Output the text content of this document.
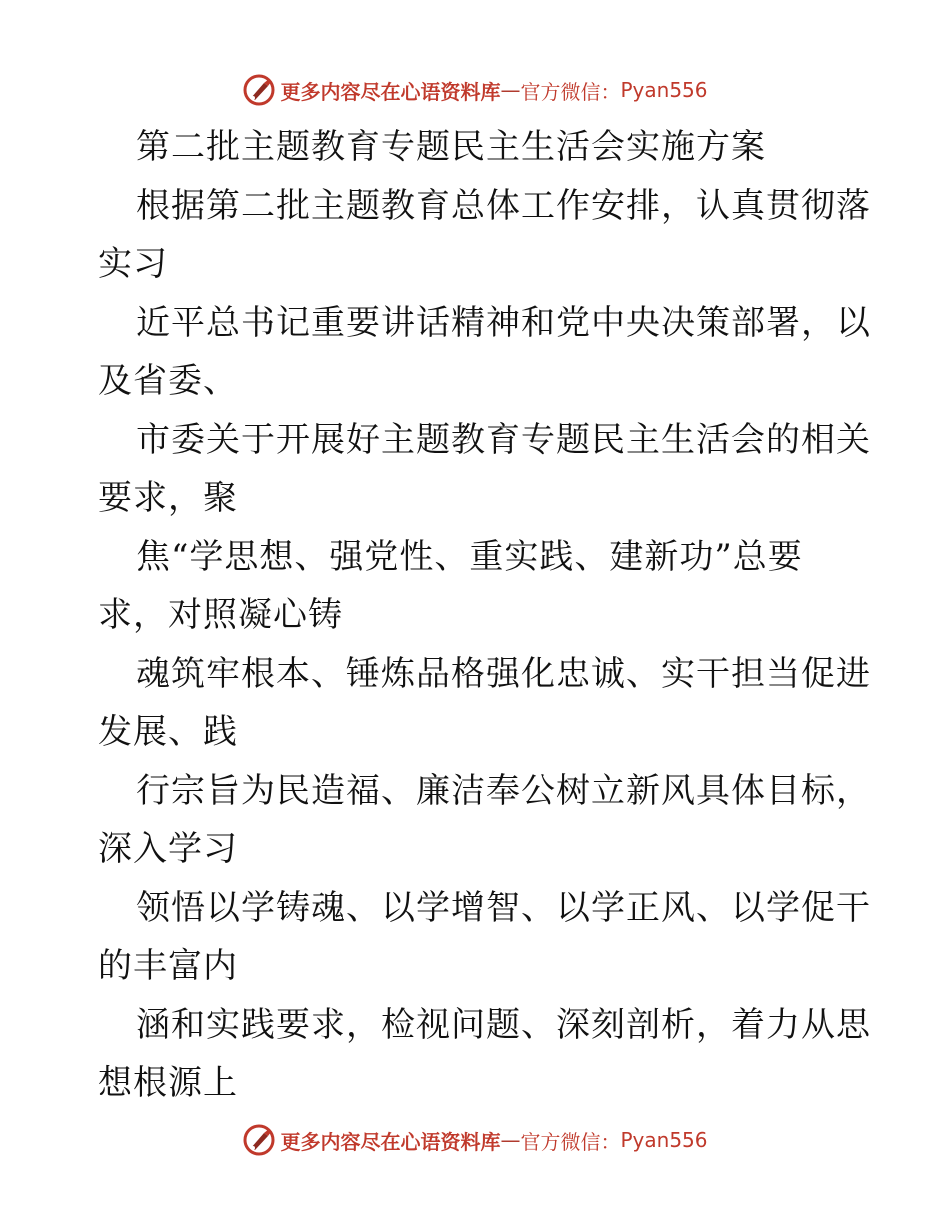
更多内容尽在心语资料库 — 官方微信： Pyan556
第二批主题教育专题民主生活会实施方案
根据第二批主题教育总体工作安排，认真贯彻落
实习
近平总书记重要讲话精神和党中央决策部署，以
及省委、
市委关于开展好主题教育专题民主生活会的相关
要求，聚
焦“学思想、强党性、重实践、建新功”总要
求，对照凝心铸
魂筑牢根本、锤炼品格强化忠诚、实干担当促进
发展、践
行宗旨为民造福、廉洁奉公树立新风具体目标，
深入学习
领悟以学铸魂、以学增智、以学正风、以学促干
的丰富内
涵和实践要求，检视问题、深刻剖析，着力从思
想根源上
更多内容尽在心语资料库 — 官方微信： Pyan556
